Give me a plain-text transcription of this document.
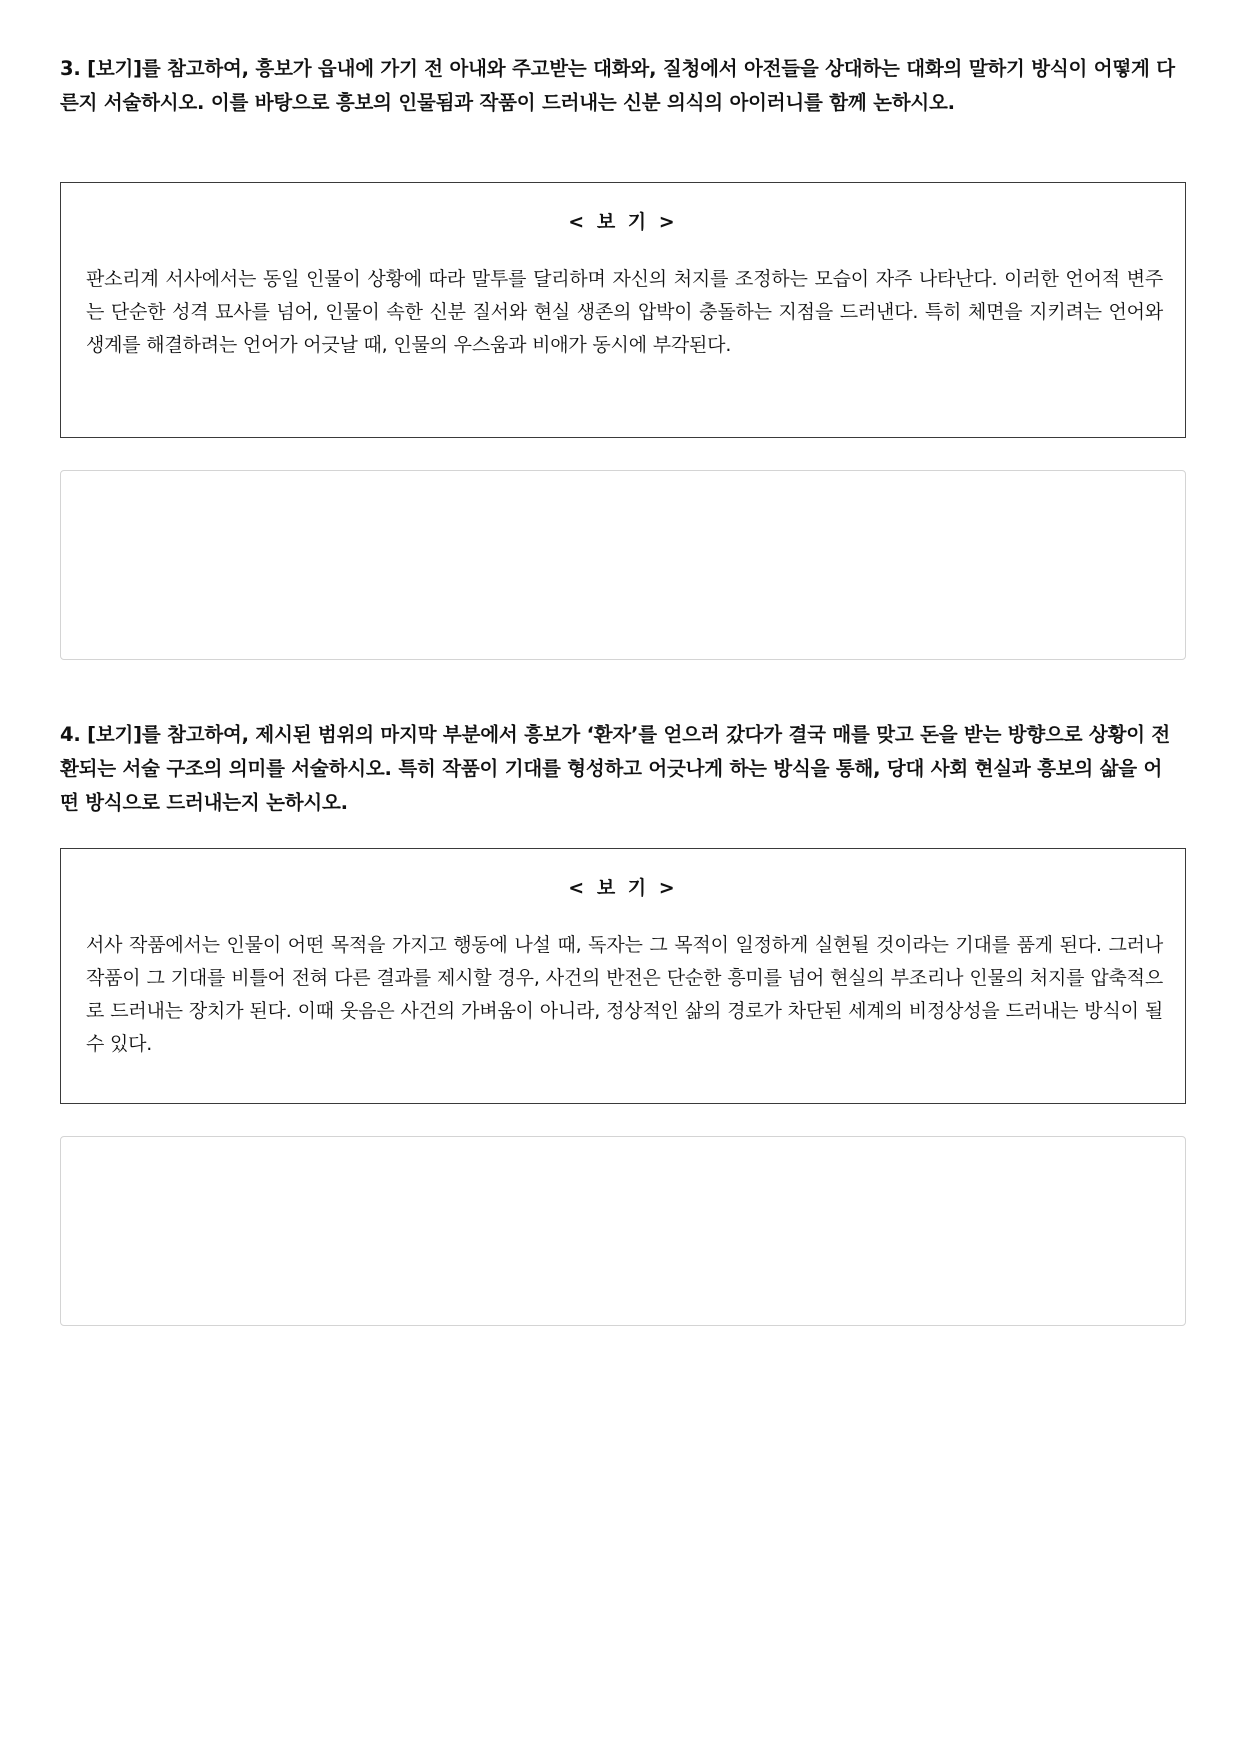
3. [보기]를 참고하여, 흥보가 읍내에 가기 전 아내와 주고받는 대화와, 질청에서 아전들을 상대하는 대화의 말하기 방식이 어떻게 다른지 서술하시오. 이를 바탕으로 흥보의 인물됨과 작품이 드러내는 신분 의식의 아이러니를 함께 논하시오.

< 보 기 >

판소리계 서사에서는 동일 인물이 상황에 따라 말투를 달리하며 자신의 처지를 조정하는 모습이 자주 나타난다. 이러한 언어적 변주는 단순한 성격 묘사를 넘어, 인물이 속한 신분 질서와 현실 생존의 압박이 충돌하는 지점을 드러낸다. 특히 체면을 지키려는 언어와 생계를 해결하려는 언어가 어긋날 때, 인물의 우스움과 비애가 동시에 부각된다.

4. [보기]를 참고하여, 제시된 범위의 마지막 부분에서 흥보가 ‘환자’를 얻으러 갔다가 결국 매를 맞고 돈을 받는 방향으로 상황이 전환되는 서술 구조의 의미를 서술하시오. 특히 작품이 기대를 형성하고 어긋나게 하는 방식을 통해, 당대 사회 현실과 흥보의 삶을 어떤 방식으로 드러내는지 논하시오.

< 보 기 >

서사 작품에서는 인물이 어떤 목적을 가지고 행동에 나설 때, 독자는 그 목적이 일정하게 실현될 것이라는 기대를 품게 된다. 그러나 작품이 그 기대를 비틀어 전혀 다른 결과를 제시할 경우, 사건의 반전은 단순한 흥미를 넘어 현실의 부조리나 인물의 처지를 압축적으로 드러내는 장치가 된다. 이때 웃음은 사건의 가벼움이 아니라, 정상적인 삶의 경로가 차단된 세계의 비정상성을 드러내는 방식이 될 수 있다.
